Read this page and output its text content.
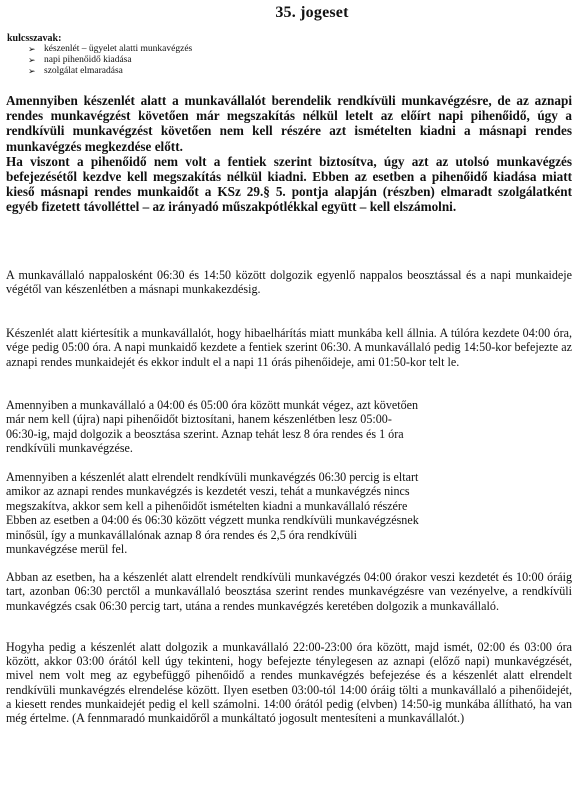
35. jogeset
kulcsszavak:
➢ készenlét – ügyelet alatti munkavégzés
➢ napi pihenőidő kiadása
➢ szolgálat elmaradása

Amennyiben készenlét alatt a munkavállalót berendelik rendkívüli munkavégzésre, de az aznapi rendes munkavégzést követően már megszakítás nélkül letelt az előírt napi pihenőidő, úgy a rendkívüli munkavégzést követően nem kell részére azt ismételten kiadni a másnapi rendes munkavégzés megkezdése előtt.

Ha viszont a pihenőidő nem volt a fentiek szerint biztosítva, úgy azt az utolsó munkavégzés befejezésétől kezdve kell megszakítás nélkül kiadni. Ebben az esetben a pihenőidő kiadása miatt kieső másnapi rendes munkaidőt a KSz 29.§ 5. pontja alapján (részben) elmaradt szolgálatként egyéb fizetett távolléttel – az irányadó műszakpótlékkal együtt – kell elszámolni.

A munkavállaló nappalosként 06:30 és 14:50 között dolgozik egyenlő nappalos beosztással és a napi munkaideje végétől van készenlétben a másnapi munkakezdésig.

Készenlét alatt kiértesítik a munkavállalót, hogy hibaelhárítás miatt munkába kell állnia. A túlóra kezdete 04:00 óra, vége pedig 05:00 óra. A napi munkaidő kezdete a fentiek szerint 06:30. A munkavállaló pedig 14:50-kor befejezte az aznapi rendes munkaidejét és ekkor indult el a napi 11 órás pihenőideje, ami 01:50-kor telt le.

Amennyiben a munkavállaló a 04:00 és 05:00 óra között munkát végez, azt követően
már nem kell (újra) napi pihenőidőt biztosítani, hanem készenlétben lesz 05:00-
06:30-ig, majd dolgozik a beosztása szerint. Aznap tehát lesz 8 óra rendes és 1 óra
rendkívüli munkavégzése.
Amennyiben a készenlét alatt elrendelt rendkívüli munkavégzés 06:30 percig is eltart
amikor az aznapi rendes munkavégzés is kezdetét veszi, tehát a munkavégzés nincs
megszakítva, akkor sem kell a pihenőidőt ismételten kiadni a munkavállaló részére
Ebben az esetben a 04:00 és 06:30 között végzett munka rendkívüli munkavégzésnek
minősül, így a munkavállalónak aznap 8 óra rendes és 2,5 óra rendkívüli
munkavégzése merül fel.

Abban az esetben, ha a készenlét alatt elrendelt rendkívüli munkavégzés 04:00 órakor veszi kezdetét és 10:00 óráig tart, azonban 06:30 perctől a munkavállaló beosztása szerint rendes munkavégzésre van vezényelve, a rendkívüli munkavégzés csak 06:30 percig tart, utána a rendes munkavégzés keretében dolgozik a munkavállaló.

Hogyha pedig a készenlét alatt dolgozik a munkavállaló 22:00-23:00 óra között, majd ismét, 02:00 és 03:00 óra között, akkor 03:00 órától kell úgy tekinteni, hogy befejezte ténylegesen az aznapi (előző napi) munkavégzését, mivel nem volt meg az egybefüggő pihenőidő a rendes munkavégzés befejezése és a készenlét alatt elrendelt rendkívüli munkavégzés elrendelése között. Ilyen esetben 03:00-tól 14:00 óráig tölti a munkavállaló a pihenőidejét, a kiesett rendes munkaidejét pedig el kell számolni. 14:00 órától pedig (elvben) 14:50-ig munkába állítható, ha van még értelme. (A fennmaradó munkaidőről a munkáltató jogosult mentesíteni a munkavállalót.)
